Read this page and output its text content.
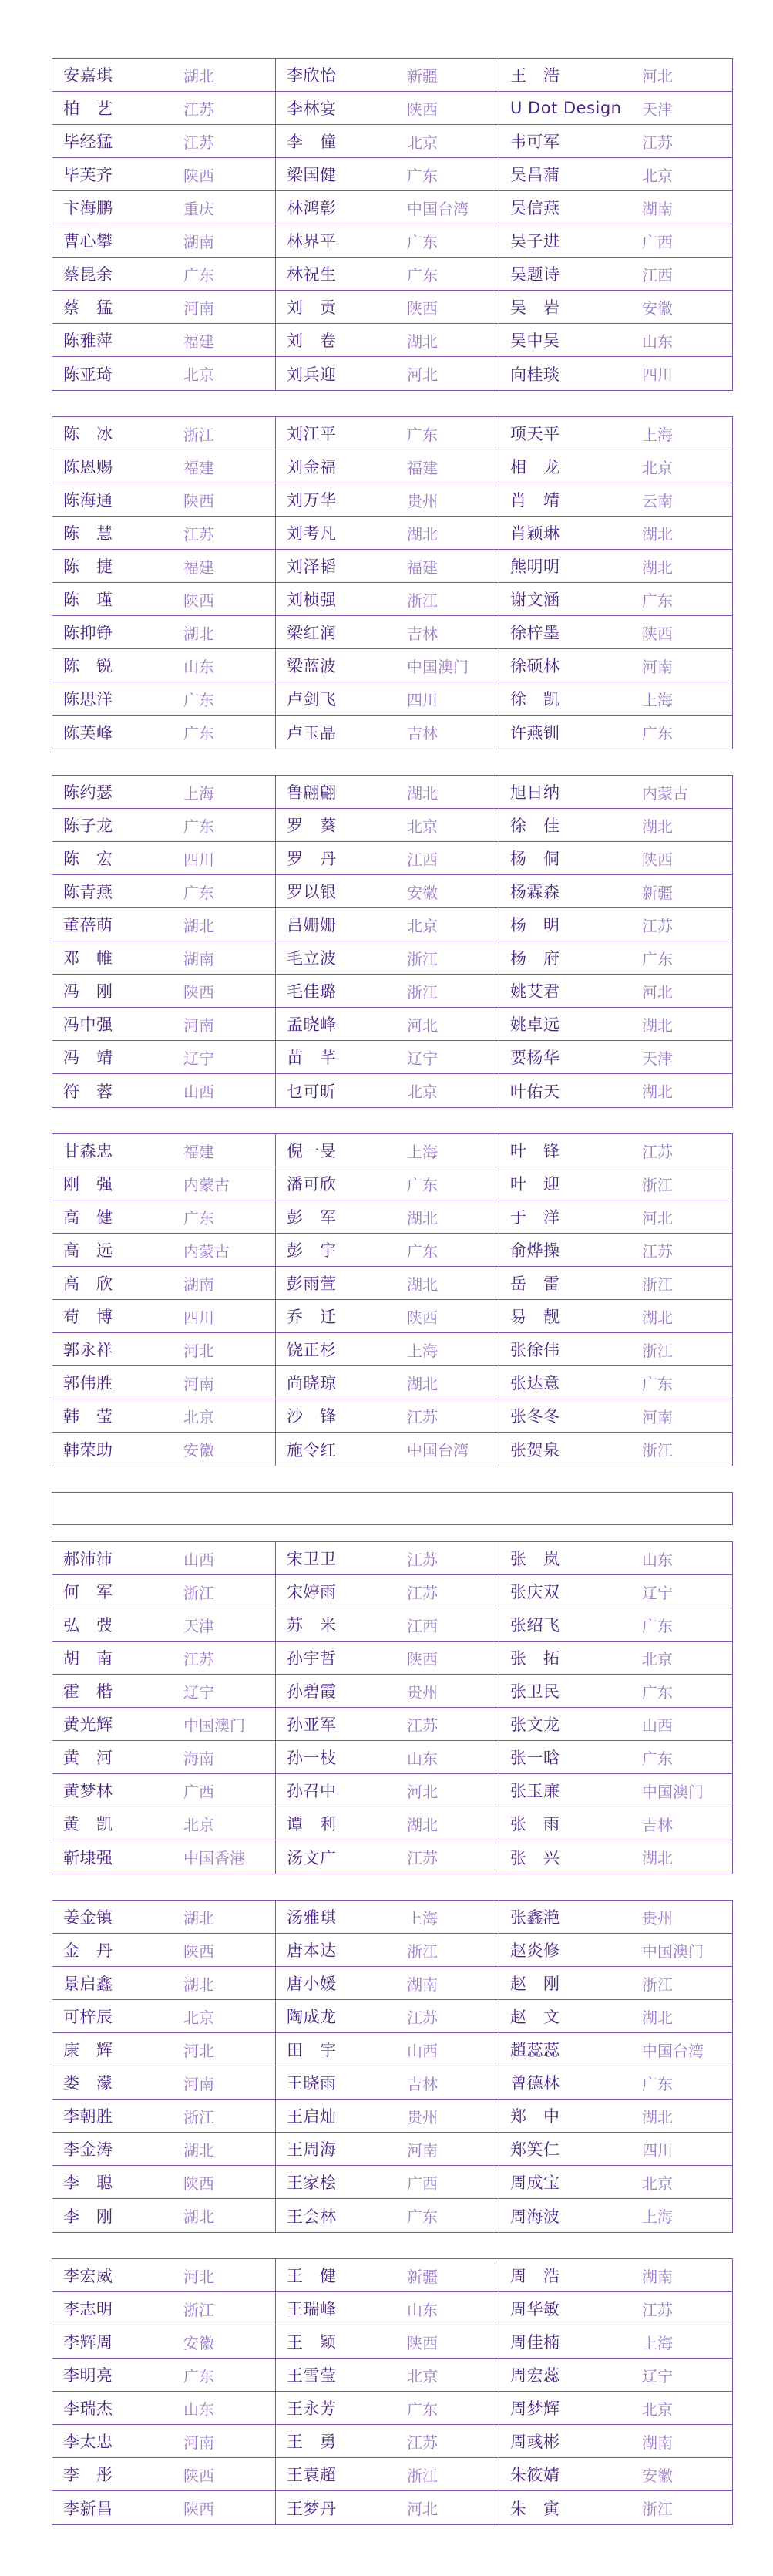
安嘉琪	湖北	李欣怡	新疆	王　浩	河北
柏　艺	江苏	李林宴	陕西	U Dot Design 天津
毕经猛	江苏	李　僮	北京	韦可军	江苏
毕芙齐	陕西	梁国健	广东	吴昌蒲	北京
卞海鹏	重庆	林鸿彰	中国台湾	吴信燕	湖南
曹心攀	湖南	林界平	广东	吴子进	广西
蔡昆余	广东	林祝生	广东	吴题诗	江西
蔡　猛	河南	刘　贡	陕西	吴　岩	安徽
陈雅萍	福建	刘　卷	湖北	吴中吴	山东
陈亚琦	北京	刘兵迎	河北	向桂琰	四川
陈　冰	浙江	刘江平	广东	项天平	上海
陈恩赐	福建	刘金福	福建	相　龙	北京
陈海通	陕西	刘万华	贵州	肖　靖	云南
陈　慧	江苏	刘考凡	湖北	肖颖琳	湖北
陈　捷	福建	刘泽韬	福建	熊明明	湖北
陈　瑾	陕西	刘桢强	浙江	谢文涵	广东
陈抑铮	湖北	梁红润	吉林	徐梓墨	陕西
陈　锐	山东	梁蓝波	中国澳门	徐硕林	河南
陈思洋	广东	卢剑飞	四川	徐　凯	上海
陈芙峰	广东	卢玉晶	吉林	许燕钏	广东
陈约瑟	上海	鲁翩翩	湖北	旭日纳	内蒙古
陈子龙	广东	罗　葵	北京	徐　佳	湖北
陈　宏	四川	罗　丹	江西	杨　侗	陕西
陈青燕	广东	罗以银	安徽	杨霖森	新疆
董蓓萌	湖北	吕姗姗	北京	杨　明	江苏
邓　帷	湖南	毛立波	浙江	杨　府	广东
冯　刚	陕西	毛佳璐	浙江	姚艾君	河北
冯中强	河南	孟晓峰	河北	姚卓远	湖北
冯　靖	辽宁	苗　芊	辽宁	要杨华	天津
符　蓉	山西	乜可昕	北京	叶佑天	湖北
甘森忠	福建	倪一旻	上海	叶　锋	江苏
刚　强	内蒙古	潘可欣	广东	叶　迎	浙江
高　健	广东	彭　军	湖北	于　洋	河北
高　远	内蒙古	彭　宇	广东	俞烨操	江苏
高　欣	湖南	彭雨萱	湖北	岳　雷	浙江
苟　博	四川	乔　迁	陕西	易　靓	湖北
郭永祥	河北	饶正杉	上海	张徐伟	浙江
郭伟胜	河南	尚晓琼	湖北	张达意	广东
韩　莹	北京	沙　锋	江苏	张冬冬	河南
韩荣助	安徽	施令红	中国台湾	张贺泉	浙江
郝沛沛	山西	宋卫卫	江苏	张　岚	山东
何　军	浙江	宋婷雨	江苏	张庆双	辽宁
弘　弢	天津	苏　米	江西	张绍飞	广东
胡　南	江苏	孙宇哲	陕西	张　拓	北京
霍　楷	辽宁	孙碧霞	贵州	张卫民	广东
黄光辉	中国澳门	孙亚军	江苏	张文龙	山西
黄　河	海南	孙一枝	山东	张一晗	广东
黄梦林	广西	孙召中	河北	张玉廉	中国澳门
黄　凯	北京	谭　利	湖北	张　雨	吉林
靳埭强	中国香港	汤文广	江苏	张　兴	湖北
姜金镇	湖北	汤雅琪	上海	张鑫滟	贵州
金　丹	陕西	唐本达	浙江	赵炎修	中国澳门
景启鑫	湖北	唐小媛	湖南	赵　刚	浙江
可梓辰	北京	陶成龙	江苏	赵　文	湖北
康　辉	河北	田　宇	山西	趙蕊蕊	中国台湾
娄　濛	河南	王晓雨	吉林	曾德林	广东
李朝胜	浙江	王启灿	贵州	郑　中	湖北
李金涛	湖北	王周海	河南	郑笑仁	四川
李　聪	陕西	王家桧	广西	周成宝	北京
李　刚	湖北	王会林	广东	周海波	上海
李宏威	河北	王　健	新疆	周　浩	湖南
李志明	浙江	王瑞峰	山东	周华敏	江苏
李辉周	安徽	王　颖	陕西	周佳楠	上海
李明亮	广东	王雪莹	北京	周宏蕊	辽宁
李瑞杰	山东	王永芳	广东	周梦辉	北京
李太忠	河南	王　勇	江苏	周彧彬	湖南
李　彤	陕西	王袁超	浙江	朱筱婧	安徽
李新昌	陕西	王梦丹	河北	朱　寅	浙江
